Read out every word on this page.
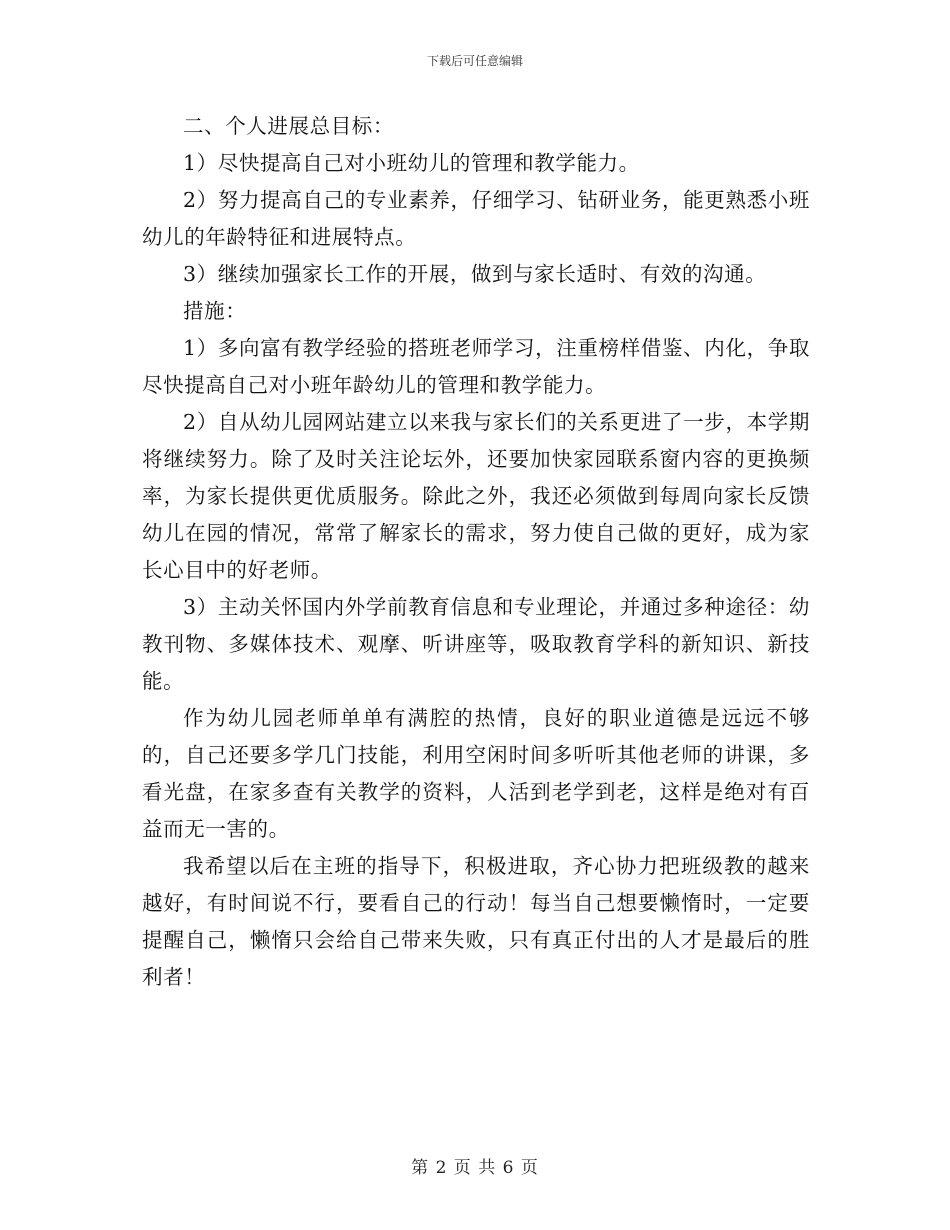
下载后可任意编辑

二、个人进展总目标：

1）尽快提高自己对小班幼儿的管理和教学能力。

2）努力提高自己的专业素养，仔细学习、钻研业务，能更熟悉小班幼儿的年龄特征和进展特点。

3）继续加强家长工作的开展，做到与家长适时、有效的沟通。

措施：

1）多向富有教学经验的搭班老师学习，注重榜样借鉴、内化，争取尽快提高自己对小班年龄幼儿的管理和教学能力。

2）自从幼儿园网站建立以来我与家长们的关系更进了一步，本学期将继续努力。除了及时关注论坛外，还要加快家园联系窗内容的更换频率，为家长提供更优质服务。除此之外，我还必须做到每周向家长反馈幼儿在园的情况，常常了解家长的需求，努力使自己做的更好，成为家长心目中的好老师。

3）主动关怀国内外学前教育信息和专业理论，并通过多种途径：幼教刊物、多媒体技术、观摩、听讲座等，吸取教育学科的新知识、新技能。

作为幼儿园老师单单有满腔的热情，良好的职业道德是远远不够的，自己还要多学几门技能，利用空闲时间多听听其他老师的讲课，多看光盘，在家多查有关教学的资料，人活到老学到老，这样是绝对有百益而无一害的。

我希望以后在主班的指导下，积极进取，齐心协力把班级教的越来越好，有时间说不行，要看自己的行动！每当自己想要懒惰时，一定要提醒自己，懒惰只会给自己带来失败，只有真正付出的人才是最后的胜利者！

第 2 页 共 6 页
